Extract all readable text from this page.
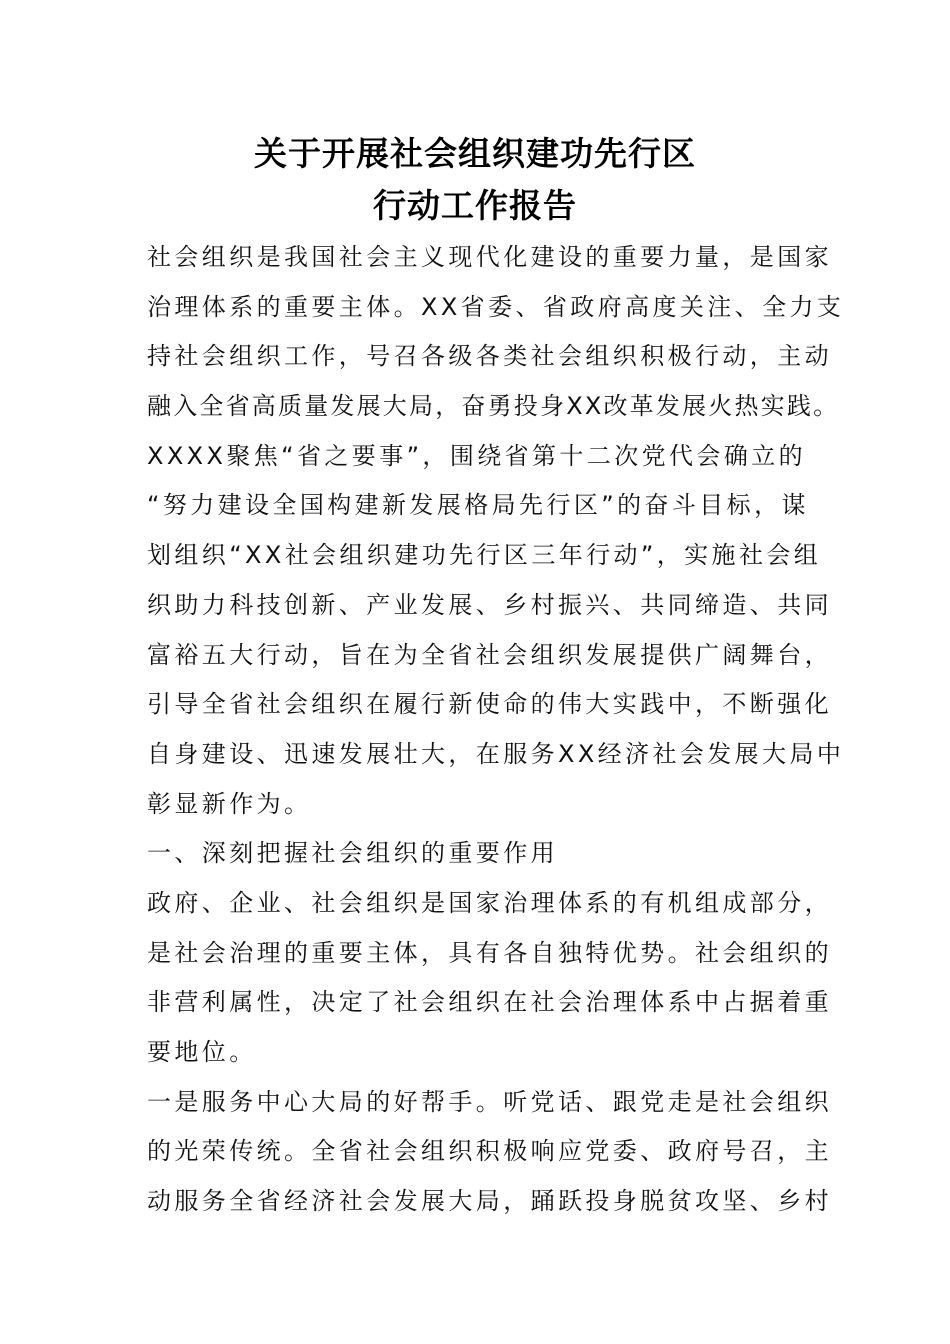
关于开展社会组织建功先行区
行动工作报告
社会组织是我国社会主义现代化建设的重要力量，是国家
治理体系的重要主体。XX省委、省政府高度关注、全力支
持社会组织工作，号召各级各类社会组织积极行动，主动
融入全省高质量发展大局，奋勇投身XX改革发展火热实践。
XXXX聚焦“省之要事”，围绕省第十二次党代会确立的
“努力建设全国构建新发展格局先行区”的奋斗目标，谋
划组织“XX社会组织建功先行区三年行动”，实施社会组
织助力科技创新、产业发展、乡村振兴、共同缔造、共同
富裕五大行动，旨在为全省社会组织发展提供广阔舞台，
引导全省社会组织在履行新使命的伟大实践中，不断强化
自身建设、迅速发展壮大，在服务XX经济社会发展大局中
彰显新作为。
一、深刻把握社会组织的重要作用
政府、企业、社会组织是国家治理体系的有机组成部分，
是社会治理的重要主体，具有各自独特优势。社会组织的
非营利属性，决定了社会组织在社会治理体系中占据着重
要地位。
一是服务中心大局的好帮手。听党话、跟党走是社会组织
的光荣传统。全省社会组织积极响应党委、政府号召，主
动服务全省经济社会发展大局，踊跃投身脱贫攻坚、乡村
